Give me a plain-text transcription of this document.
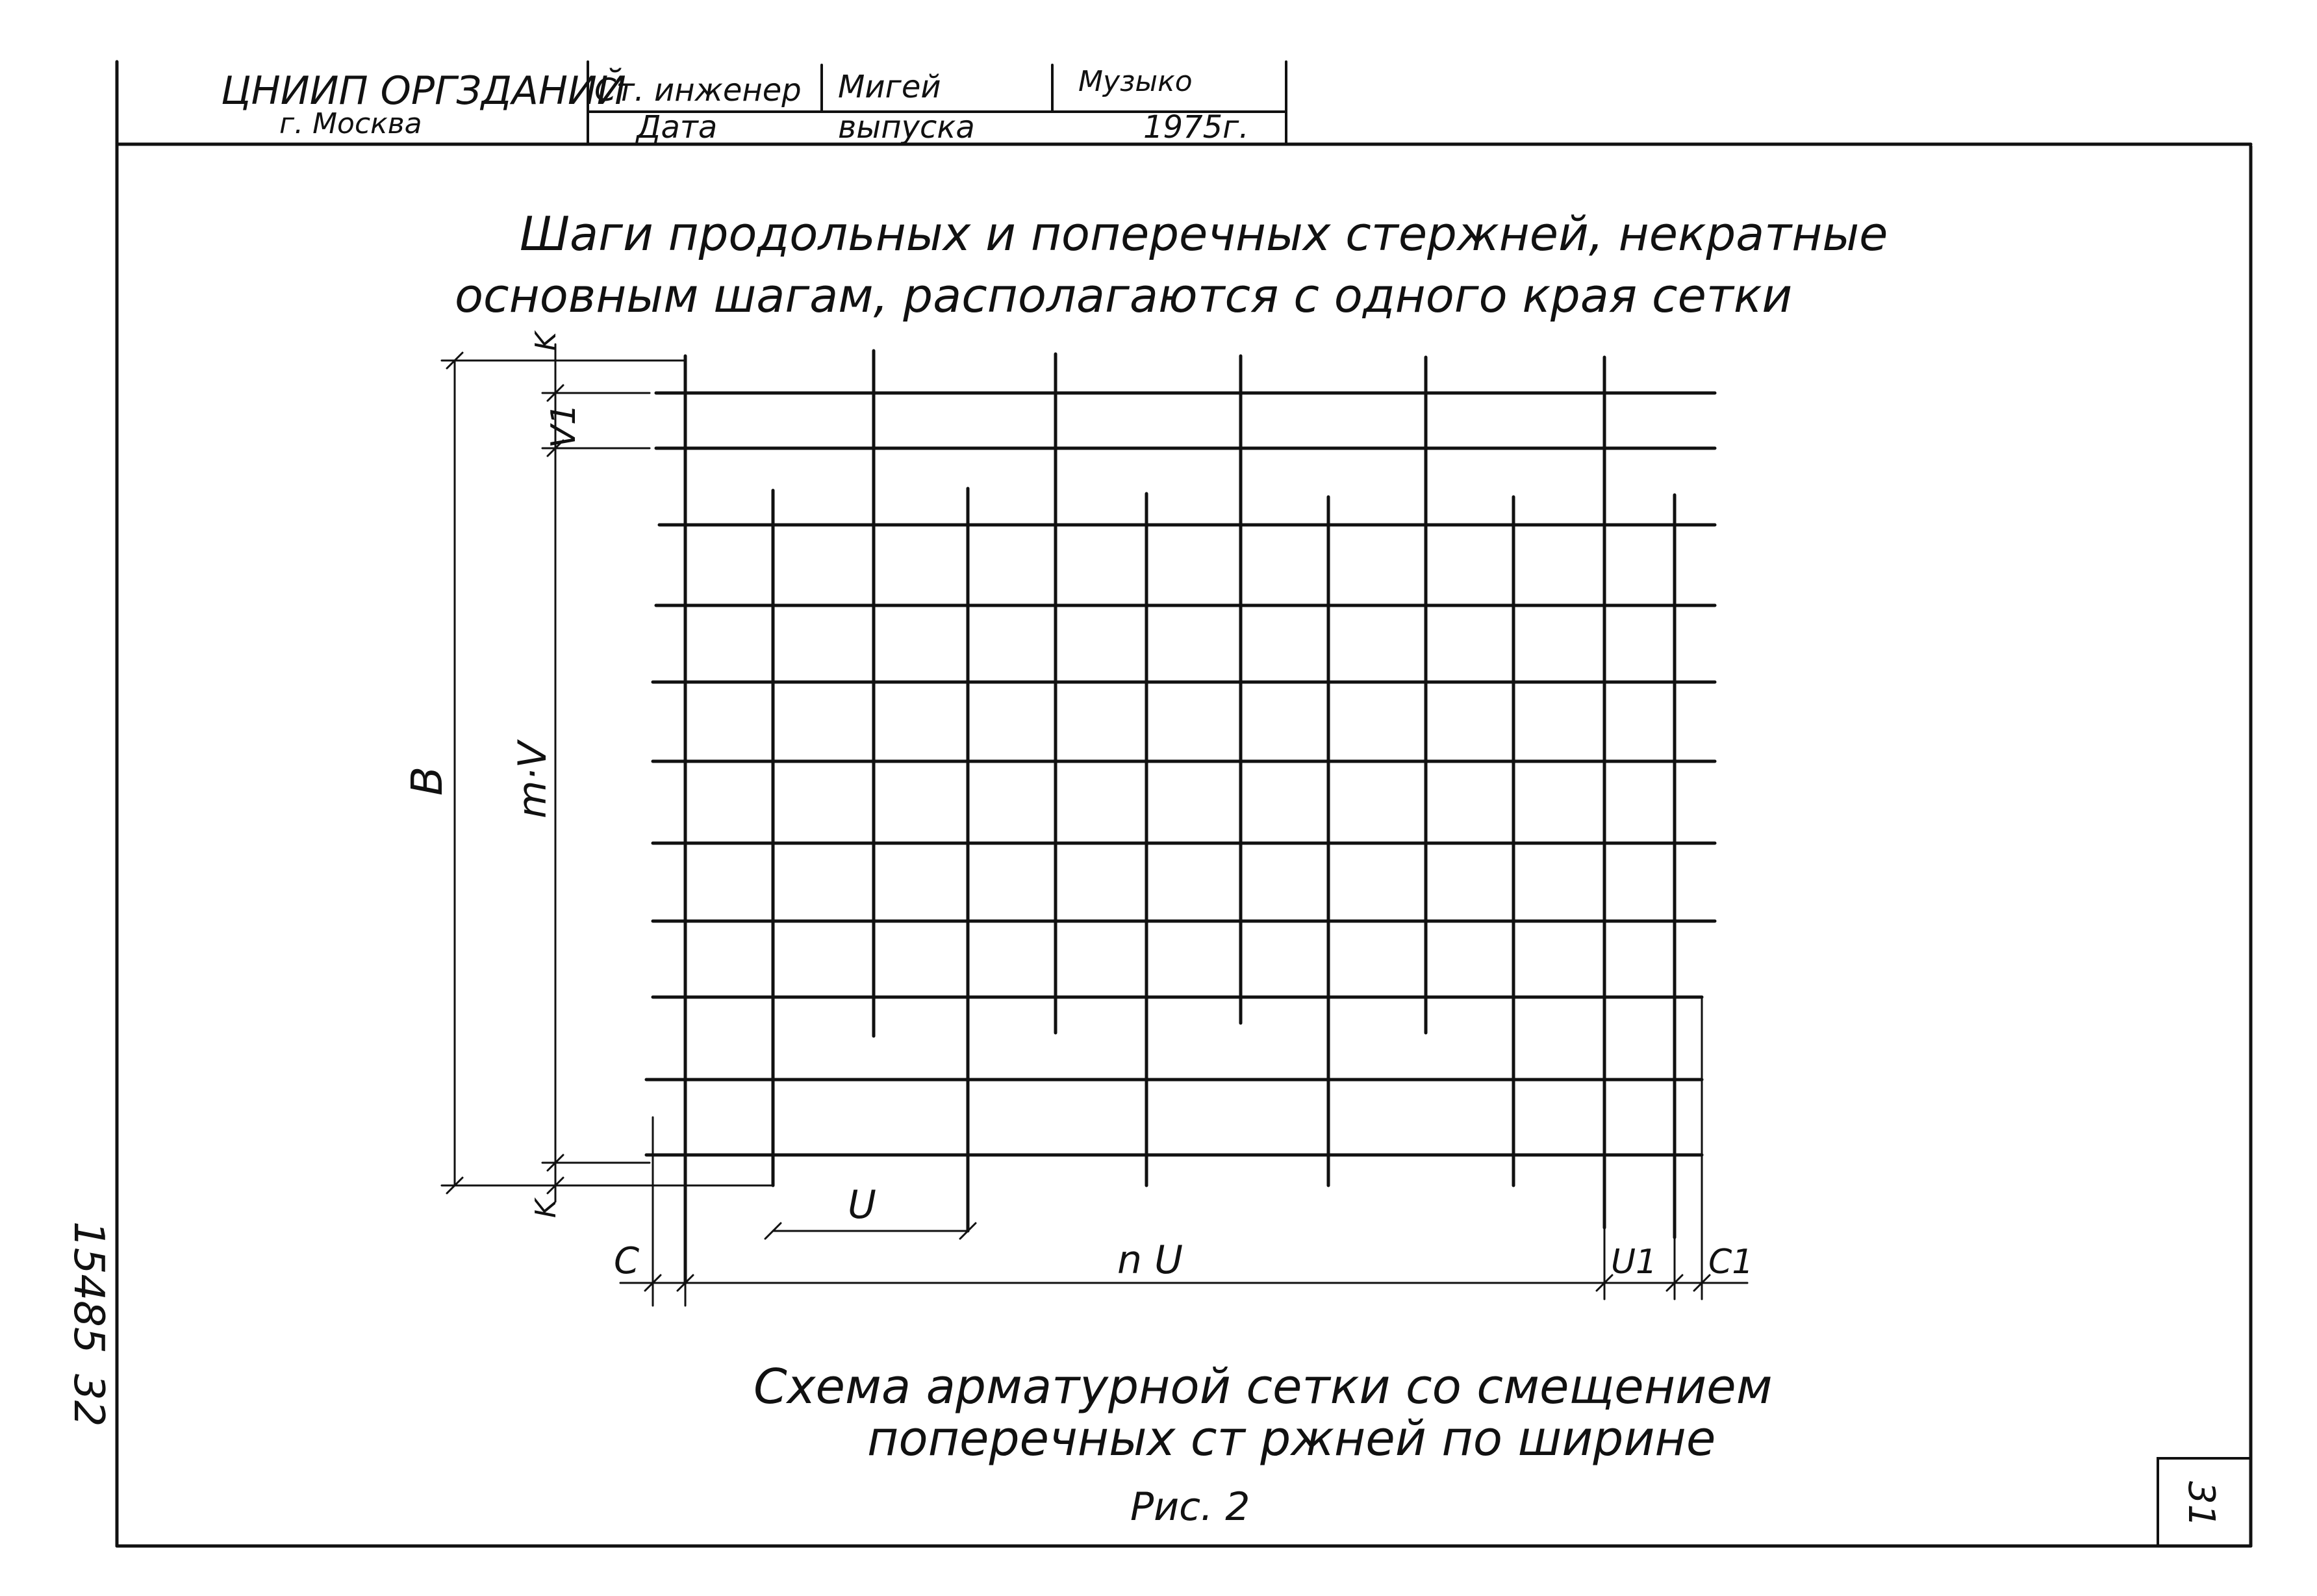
ЦНИИП ОРГЗДАНИЙ
г. Москва
Ст. инженер Мигей	Музыко
Дата	выпуска	1975г.
Шаги продольных и поперечных стержней, некратные
основным шагам, располагаются с одного края сетки
K
V1
B m·V
K	U
C	n U	U1 C1
Схема арматурной сетки со смещением
поперечных ст ржней по ширине
Рис. 2
15485
32
31
